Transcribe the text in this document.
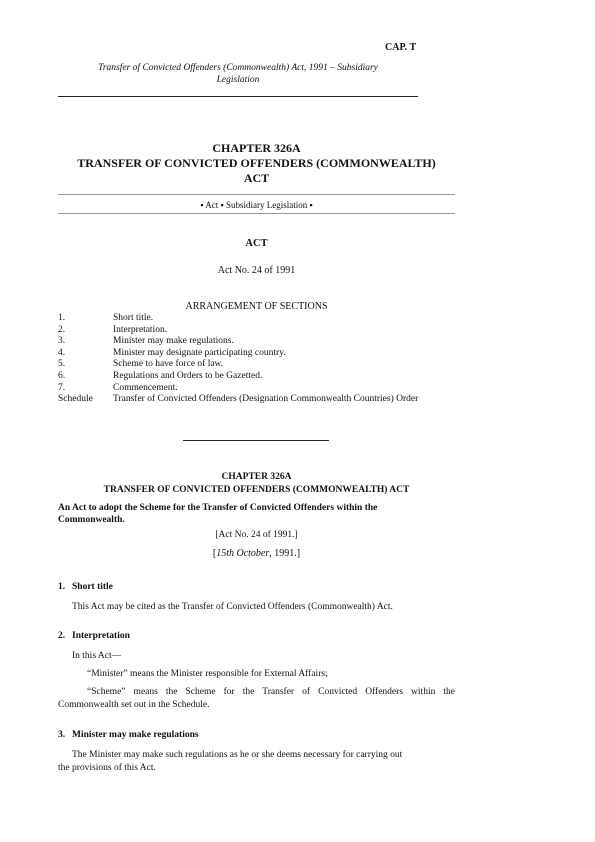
CAP. T
Transfer of Convicted Offenders (Commonwealth) Act, 1991 – Subsidiary
Legislation
CHAPTER 326A
TRANSFER OF CONVICTED OFFENDERS (COMMONWEALTH)
ACT
▪ Act ▪ Subsidiary Legislation ▪
ACT
Act No. 24 of 1991
ARRANGEMENT OF SECTIONS
1.	Short title.
2.	Interpretation.
3.	Minister may make regulations.
4.	Minister may designate participating country.
5.	Scheme to have force of law.
6.	Regulations and Orders to be Gazetted.
7.	Commencement.
Schedule	Transfer of Convicted Offenders (Designation Commonwealth Countries) Order
CHAPTER 326A
TRANSFER OF CONVICTED OFFENDERS (COMMONWEALTH) ACT
An Act to adopt the Scheme for the Transfer of Convicted Offenders within the
Commonwealth.
[Act No. 24 of 1991.]
[15th October, 1991.]
1. Short title
This Act may be cited as the Transfer of Convicted Offenders (Commonwealth) Act.
2. Interpretation
In this Act—
“Minister” means the Minister responsible for External Affairs;
“Scheme” means the Scheme for the Transfer of Convicted Offenders within the
Commonwealth set out in the Schedule.
3. Minister may make regulations
The Minister may make such regulations as he or she deems necessary for carrying out
the provisions of this Act.
